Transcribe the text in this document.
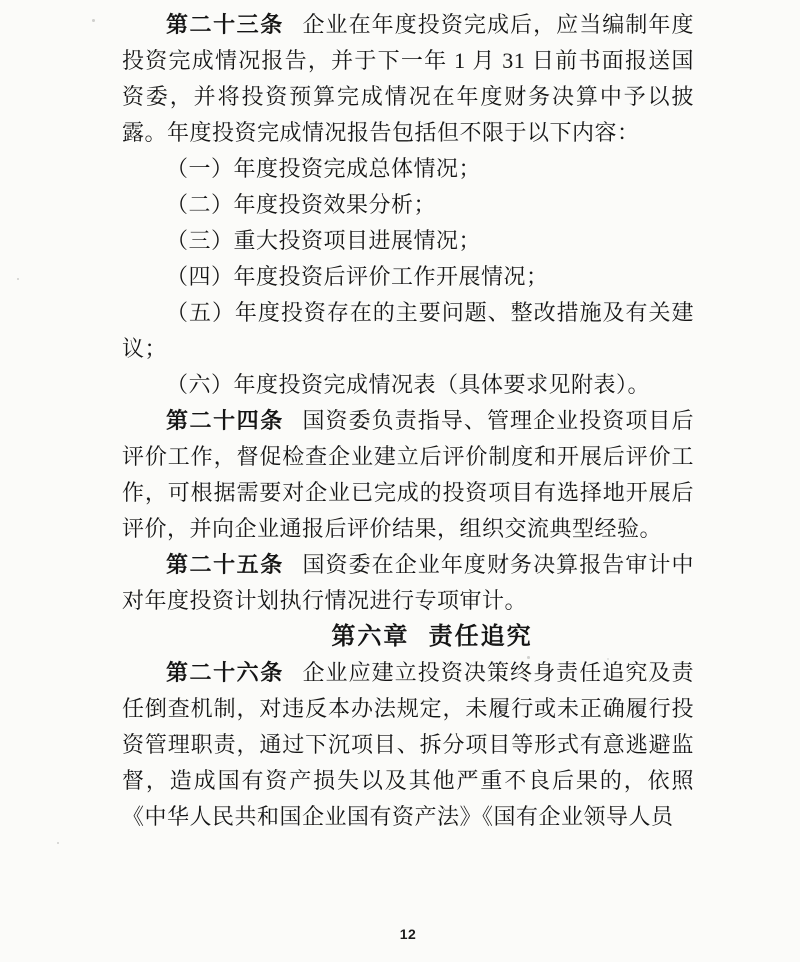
第二十三条 企业在年度投资完成后，应当编制年度投资完成情况报告，并于下一年 1 月 31 日前书面报送国资委，并将投资预算完成情况在年度财务决算中予以披露。年度投资完成情况报告包括但不限于以下内容：

（一）年度投资完成总体情况；

（二）年度投资效果分析；

（三）重大投资项目进展情况；

（四）年度投资后评价工作开展情况；

（五）年度投资存在的主要问题、整改措施及有关建议；

（六）年度投资完成情况表（具体要求见附表）。

第二十四条 国资委负责指导、管理企业投资项目后评价工作，督促检查企业建立后评价制度和开展后评价工作，可根据需要对企业已完成的投资项目有选择地开展后评价，并向企业通报后评价结果，组织交流典型经验。

第二十五条 国资委在企业年度财务决算报告审计中对年度投资计划执行情况进行专项审计。

第六章 责任追究

第二十六条 企业应建立投资决策终身责任追究及责任倒查机制，对违反本办法规定，未履行或未正确履行投资管理职责，通过下沉项目、拆分项目等形式有意逃避监督，造成国有资产损失以及其他严重不良后果的，依照《中华人民共和国企业国有资产法》《国有企业领导人员

12
